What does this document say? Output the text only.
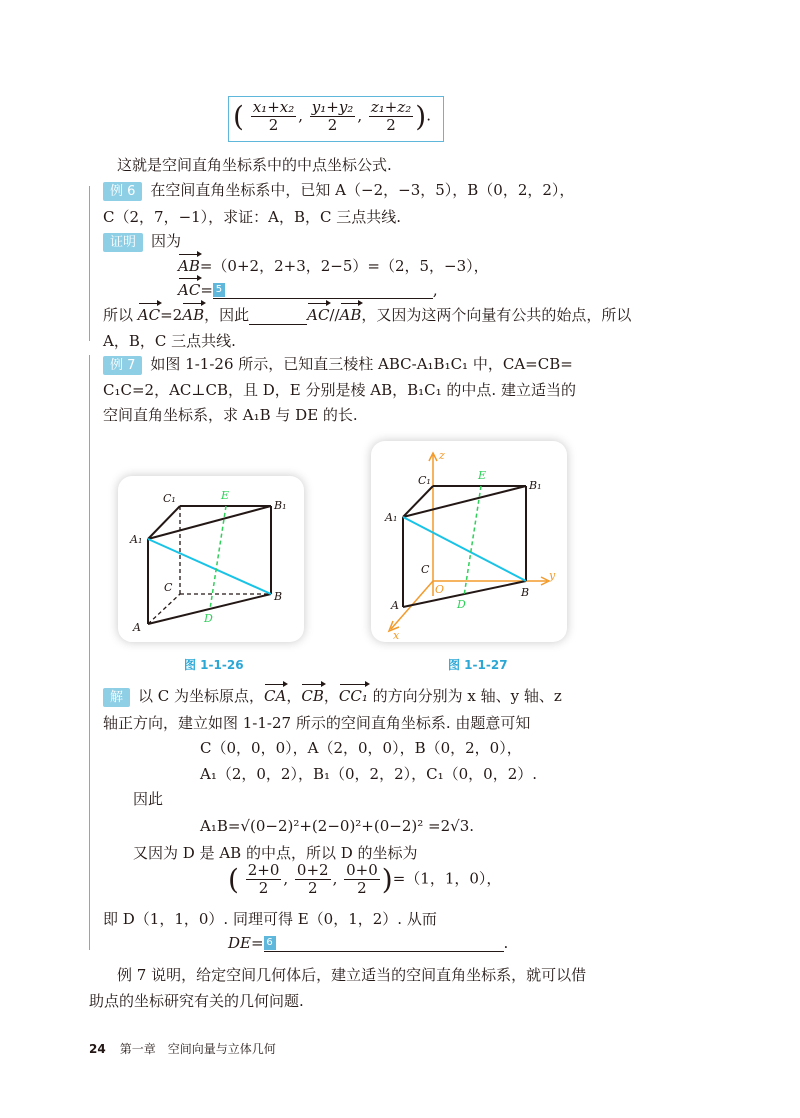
( $\frac{\text{x₁+x₂}}{2}$ , $\frac{\text{y₁+y₂}}{2}$ , $\frac{\text{z₁+z₂}}{2}$ ).
这就是空间直角坐标系中的中点坐标公式.
例 6 在空间直角坐标系中，已知 A（−2，−3，5），B（0，2，2），
C（2，7，−1），求证：A，B，C 三点共线.
证明 因为
AB=（0+2，2+3，2−5）=（2，5，−3），
AC= 5	,
所以 AC=2AB，因此	AC//AB，又因为这两个向量有公共的始点，所以
A，B，C 三点共线.
例 7 如图 1-1-26 所示，已知直三棱柱 ABC-A₁B₁C₁ 中，CA=CB=
C₁C=2，AC⊥CB，且 D，E 分别是棱 AB，B₁C₁ 的中点. 建立适当的
空间直角坐标系，求 A₁B 与 DE 的长.
A₁
C₁
B₁
E
C
B
A
D
图 1-1-26
A₁
C₁	B₁
E
C
O	B
A	D
z
y
x
图 1-1-27
解 以 C 为坐标原点，CA，CB，CC₁ 的方向分别为 x 轴、y 轴、z
轴正方向，建立如图 1-1-27 所示的空间直角坐标系. 由题意可知
C（0，0，0），A（2，0，0），B（0，2，0），
A₁（2，0，2），B₁（0，2，2），C₁（0，0，2）.
因此
A₁B=√(0−2)²+(2−0)²+(0−2)² =2√3.
又因为 D 是 AB 的中点，所以 D 的坐标为
( $\frac{2+0}{2}$ , $\frac{0+2}{2}$ , $\frac{0+0}{2} )=(1$，1，0），
即 D（1，1，0）. 同理可得 E（0，1，2）. 从而
DE= 6	.
例 7 说明，给定空间几何体后，建立适当的空间直角坐标系，就可以借
助点的坐标研究有关的几何问题.
24 第一章　空间向量与立体几何
